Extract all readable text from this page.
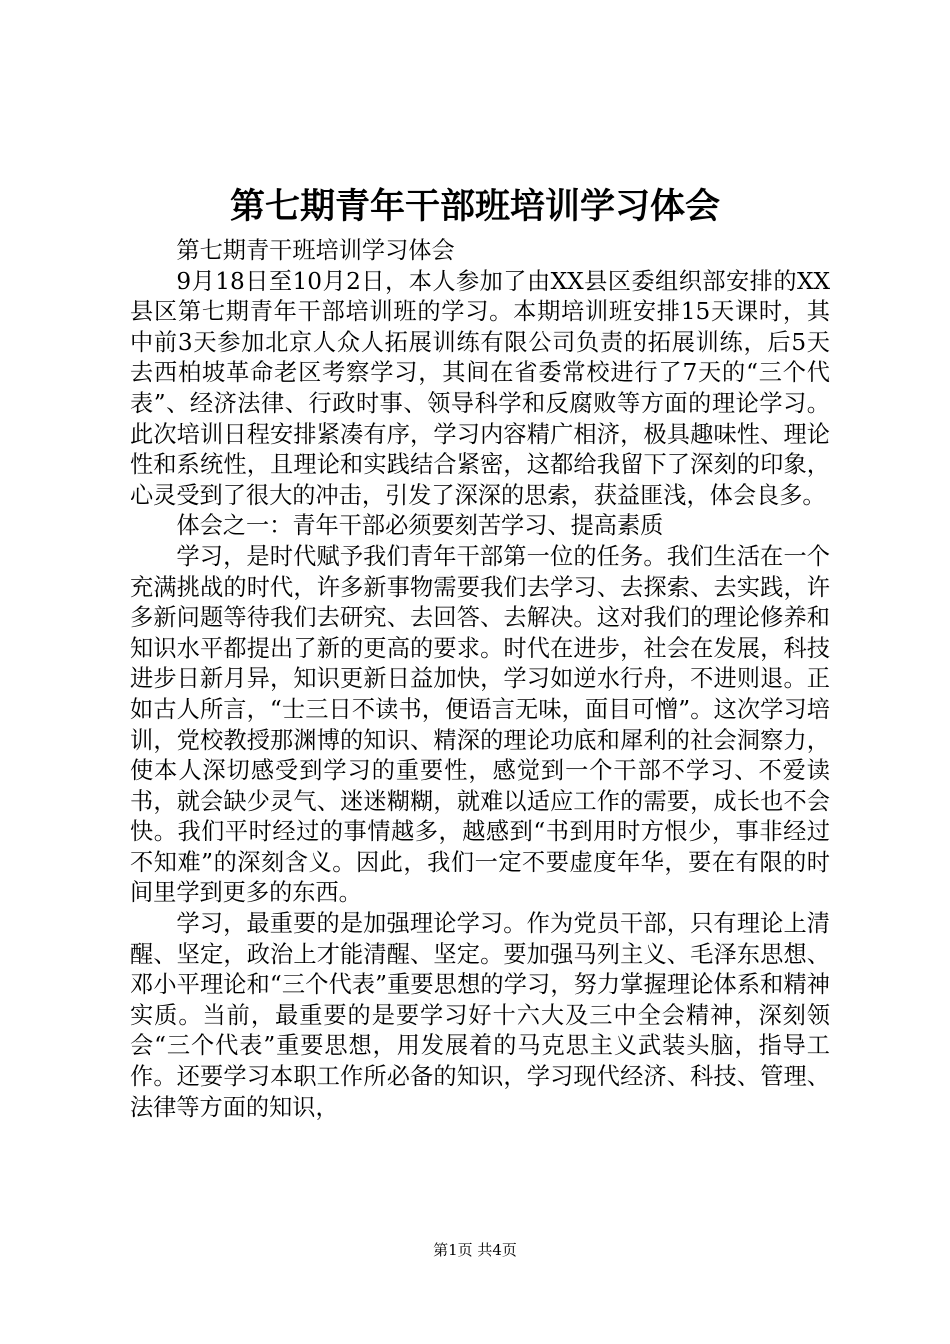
第七期青年干部班培训学习体会

第七期青干班培训学习体会

9月18日至10月2日，本人参加了由XX县区委组织部安排的XX县区第七期青年干部培训班的学习。本期培训班安排15天课时，其中前3天参加北京人众人拓展训练有限公司负责的拓展训练，后5天去西柏坡革命老区考察学习，其间在省委常校进行了7天的“三个代表”、经济法律、行政时事、领导科学和反腐败等方面的理论学习。此次培训日程安排紧凑有序，学习内容精广相济，极具趣味性、理论性和系统性，且理论和实践结合紧密，这都给我留下了深刻的印象，心灵受到了很大的冲击，引发了深深的思索，获益匪浅，体会良多。

体会之一：青年干部必须要刻苦学习、提高素质

学习，是时代赋予我们青年干部第一位的任务。我们生活在一个充满挑战的时代，许多新事物需要我们去学习、去探索、去实践，许多新问题等待我们去研究、去回答、去解决。这对我们的理论修养和知识水平都提出了新的更高的要求。时代在进步，社会在发展，科技进步日新月异，知识更新日益加快，学习如逆水行舟，不进则退。正如古人所言，“士三日不读书，便语言无味，面目可憎”。这次学习培训，党校教授那渊博的知识、精深的理论功底和犀利的社会洞察力，使本人深切感受到学习的重要性，感觉到一个干部不学习、不爱读书，就会缺少灵气、迷迷糊糊，就难以适应工作的需要，成长也不会快。我们平时经过的事情越多，越感到“书到用时方恨少，事非经过不知难”的深刻含义。因此，我们一定不要虚度年华，要在有限的时间里学到更多的东西。

学习，最重要的是加强理论学习。作为党员干部，只有理论上清醒、坚定，政治上才能清醒、坚定。要加强马列主义、毛泽东思想、邓小平理论和“三个代表”重要思想的学习，努力掌握理论体系和精神实质。当前，最重要的是要学习好十六大及三中全会精神，深刻领会“三个代表”重要思想，用发展着的马克思主义武装头脑，指导工作。还要学习本职工作所必备的知识，学习现代经济、科技、管理、法律等方面的知识，

第1页 共4页
